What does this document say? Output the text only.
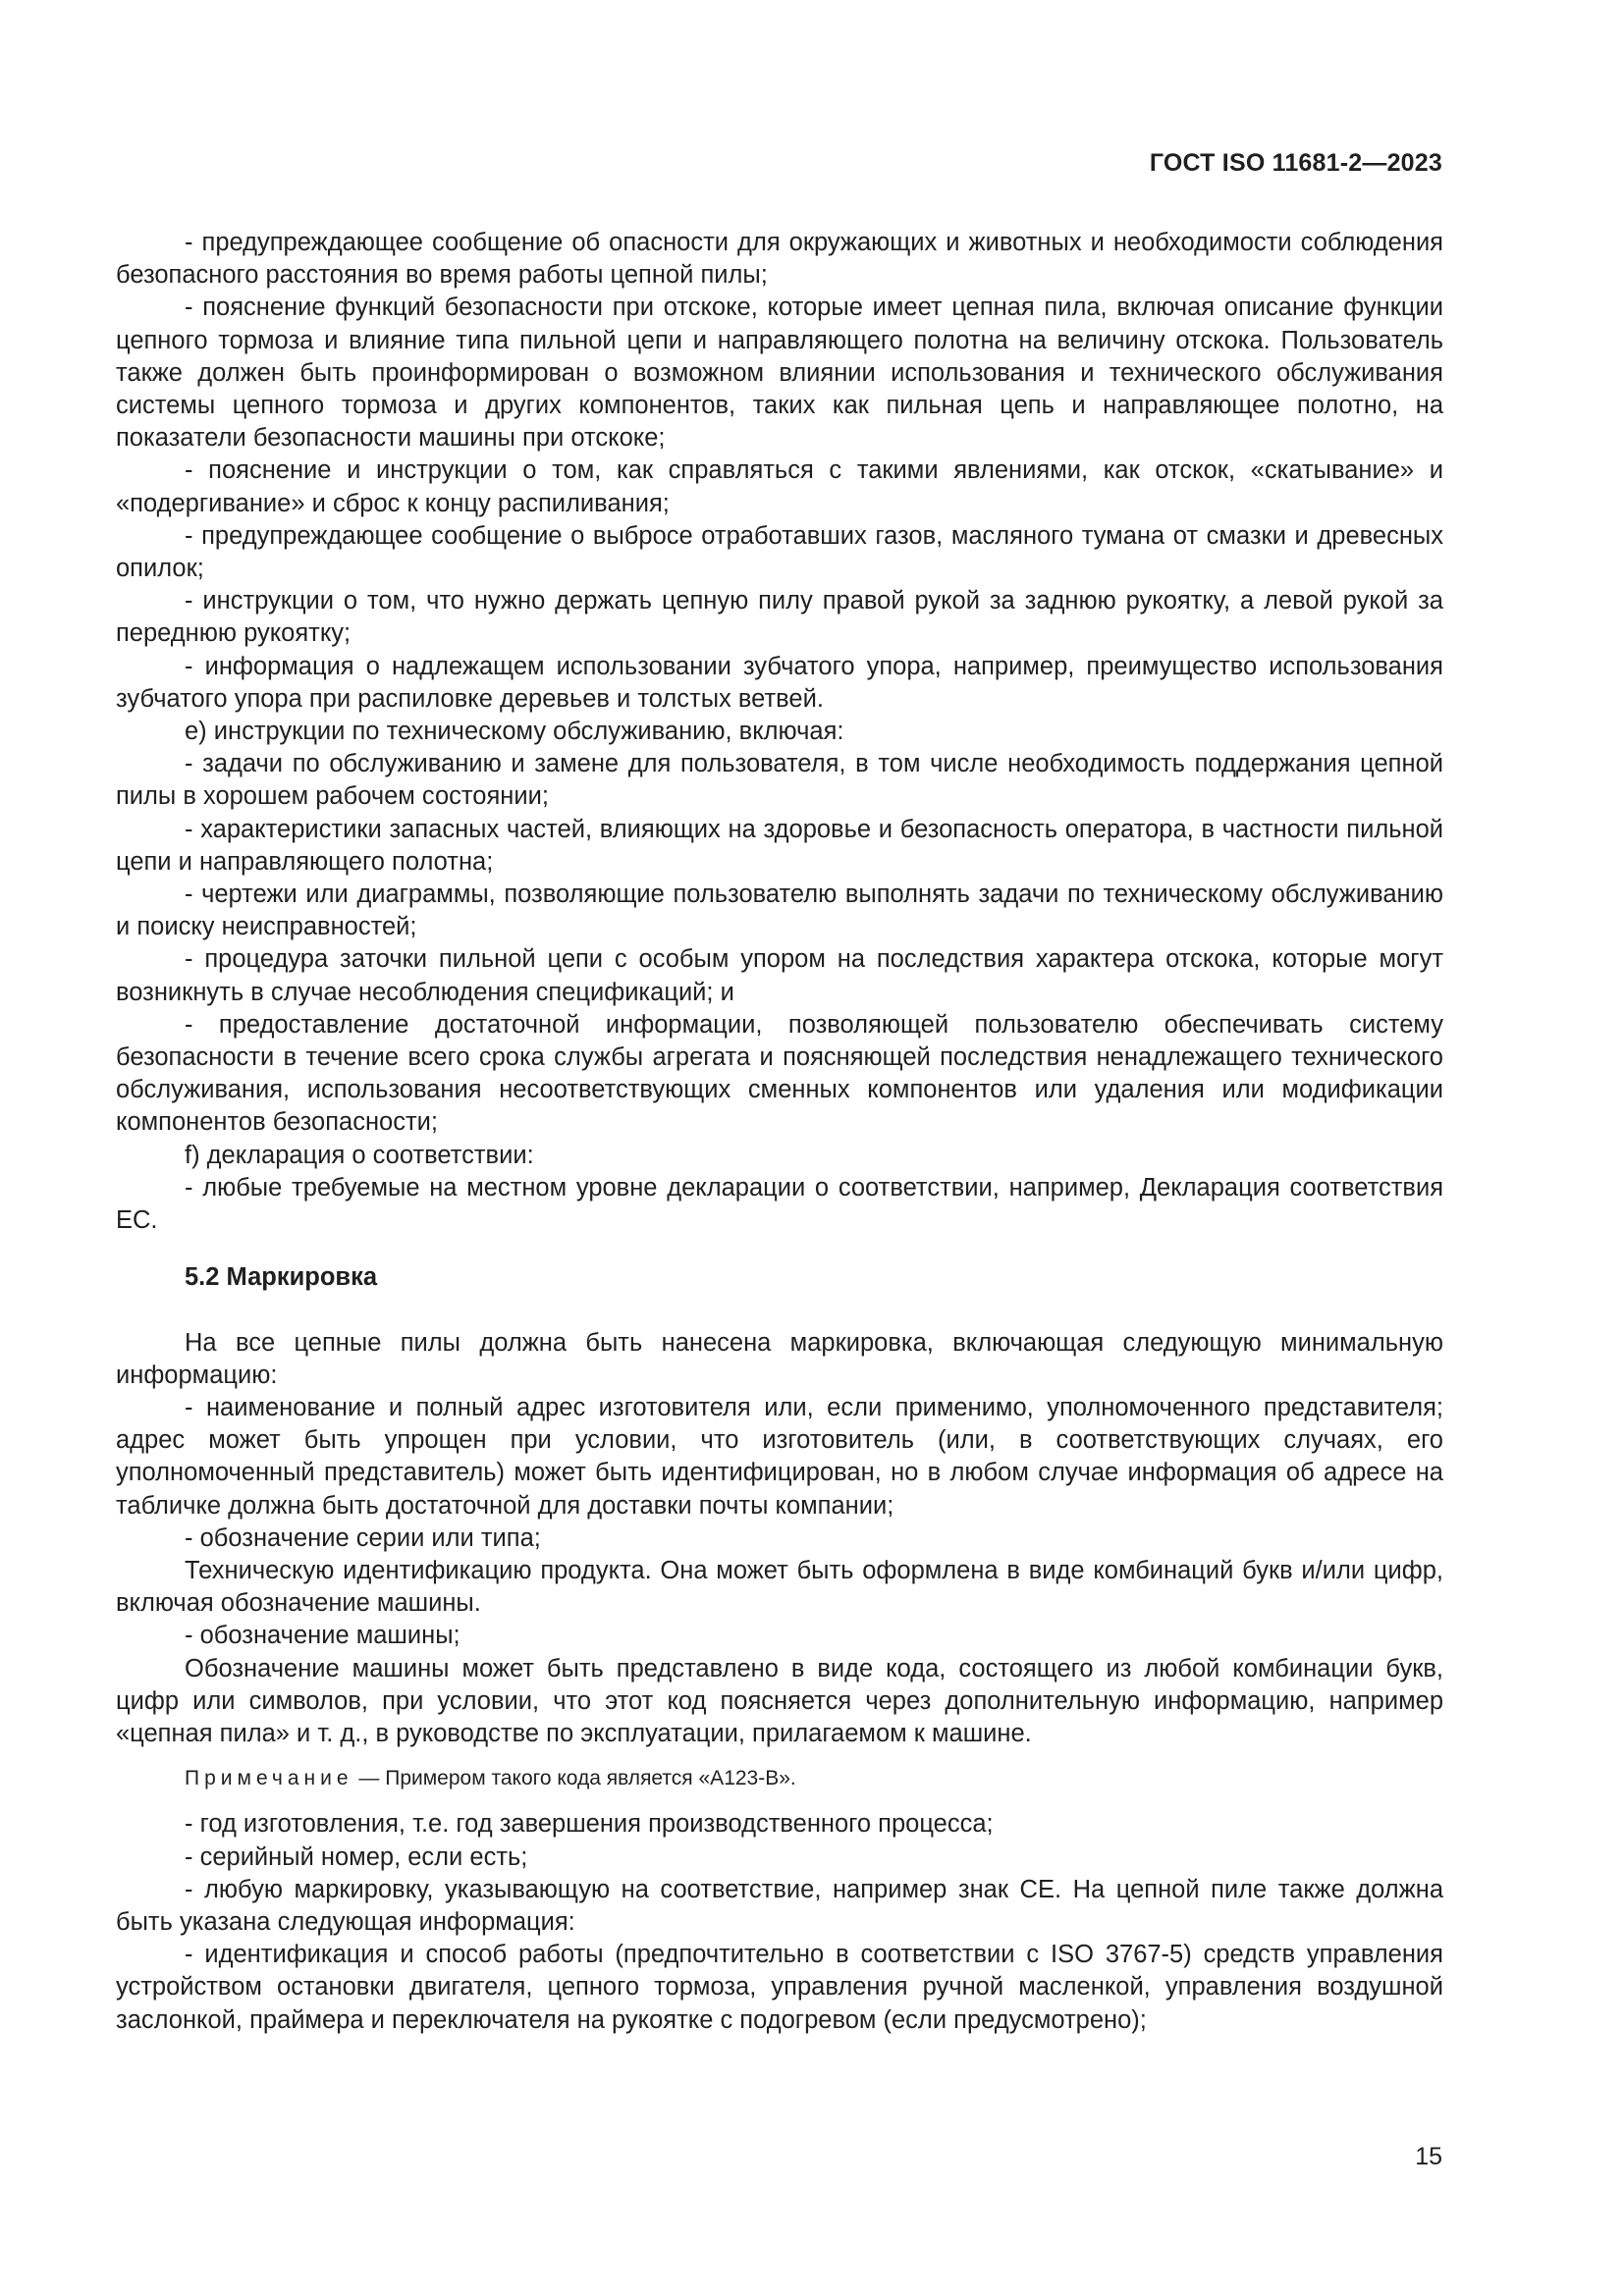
ГОСТ ISO 11681-2—2023

- предупреждающее сообщение об опасности для окружающих и животных и необходимости соблюдения безопасного расстояния во время работы цепной пилы;

- пояснение функций безопасности при отскоке, которые имеет цепная пила, включая описание функции цепного тормоза и влияние типа пильной цепи и направляющего полотна на величину отскока. Пользователь также должен быть проинформирован о возможном влиянии использования и технического обслуживания системы цепного тормоза и других компонентов, таких как пильная цепь и направляющее полотно, на показатели безопасности машины при отскоке;

- пояснение и инструкции о том, как справляться с такими явлениями, как отскок, «скатывание» и «подергивание» и сброс к концу распиливания;

- предупреждающее сообщение о выбросе отработавших газов, масляного тумана от смазки и древесных опилок;

- инструкции о том, что нужно держать цепную пилу правой рукой за заднюю рукоятку, а левой рукой за переднюю рукоятку;

- информация о надлежащем использовании зубчатого упора, например, преимущество использования зубчатого упора при распиловке деревьев и толстых ветвей.

e) инструкции по техническому обслуживанию, включая:

- задачи по обслуживанию и замене для пользователя, в том числе необходимость поддержания цепной пилы в хорошем рабочем состоянии;

- характеристики запасных частей, влияющих на здоровье и безопасность оператора, в частности пильной цепи и направляющего полотна;

- чертежи или диаграммы, позволяющие пользователю выполнять задачи по техническому обслуживанию и поиску неисправностей;

- процедура заточки пильной цепи с особым упором на последствия характера отскока, которые могут возникнуть в случае несоблюдения спецификаций; и

- предоставление достаточной информации, позволяющей пользователю обеспечивать систему безопасности в течение всего срока службы агрегата и поясняющей последствия ненадлежащего технического обслуживания, использования несоответствующих сменных компонентов или удаления или модификации компонентов безопасности;

f) декларация о соответствии:

- любые требуемые на местном уровне декларации о соответствии, например, Декларация соответствия ЕС.

5.2 Маркировка

На все цепные пилы должна быть нанесена маркировка, включающая следующую минимальную информацию:

- наименование и полный адрес изготовителя или, если применимо, уполномоченного представителя; адрес может быть упрощен при условии, что изготовитель (или, в соответствующих случаях, его уполномоченный представитель) может быть идентифицирован, но в любом случае информация об адресе на табличке должна быть достаточной для доставки почты компании;

- обозначение серии или типа;

Техническую идентификацию продукта. Она может быть оформлена в виде комбинаций букв и/или цифр, включая обозначение машины.

- обозначение машины;

Обозначение машины может быть представлено в виде кода, состоящего из любой комбинации букв, цифр или символов, при условии, что этот код поясняется через дополнительную информацию, например «цепная пила» и т. д., в руководстве по эксплуатации, прилагаемом к машине.

Примечание — Примером такого кода является «А123-В».

- год изготовления, т.е. год завершения производственного процесса;

- серийный номер, если есть;

- любую маркировку, указывающую на соответствие, например знак СЕ. На цепной пиле также должна быть указана следующая информация:

- идентификация и способ работы (предпочтительно в соответствии с ISO 3767-5) средств управления устройством остановки двигателя, цепного тормоза, управления ручной масленкой, управления воздушной заслонкой, праймера и переключателя на рукоятке с подогревом (если предусмотрено);

15
